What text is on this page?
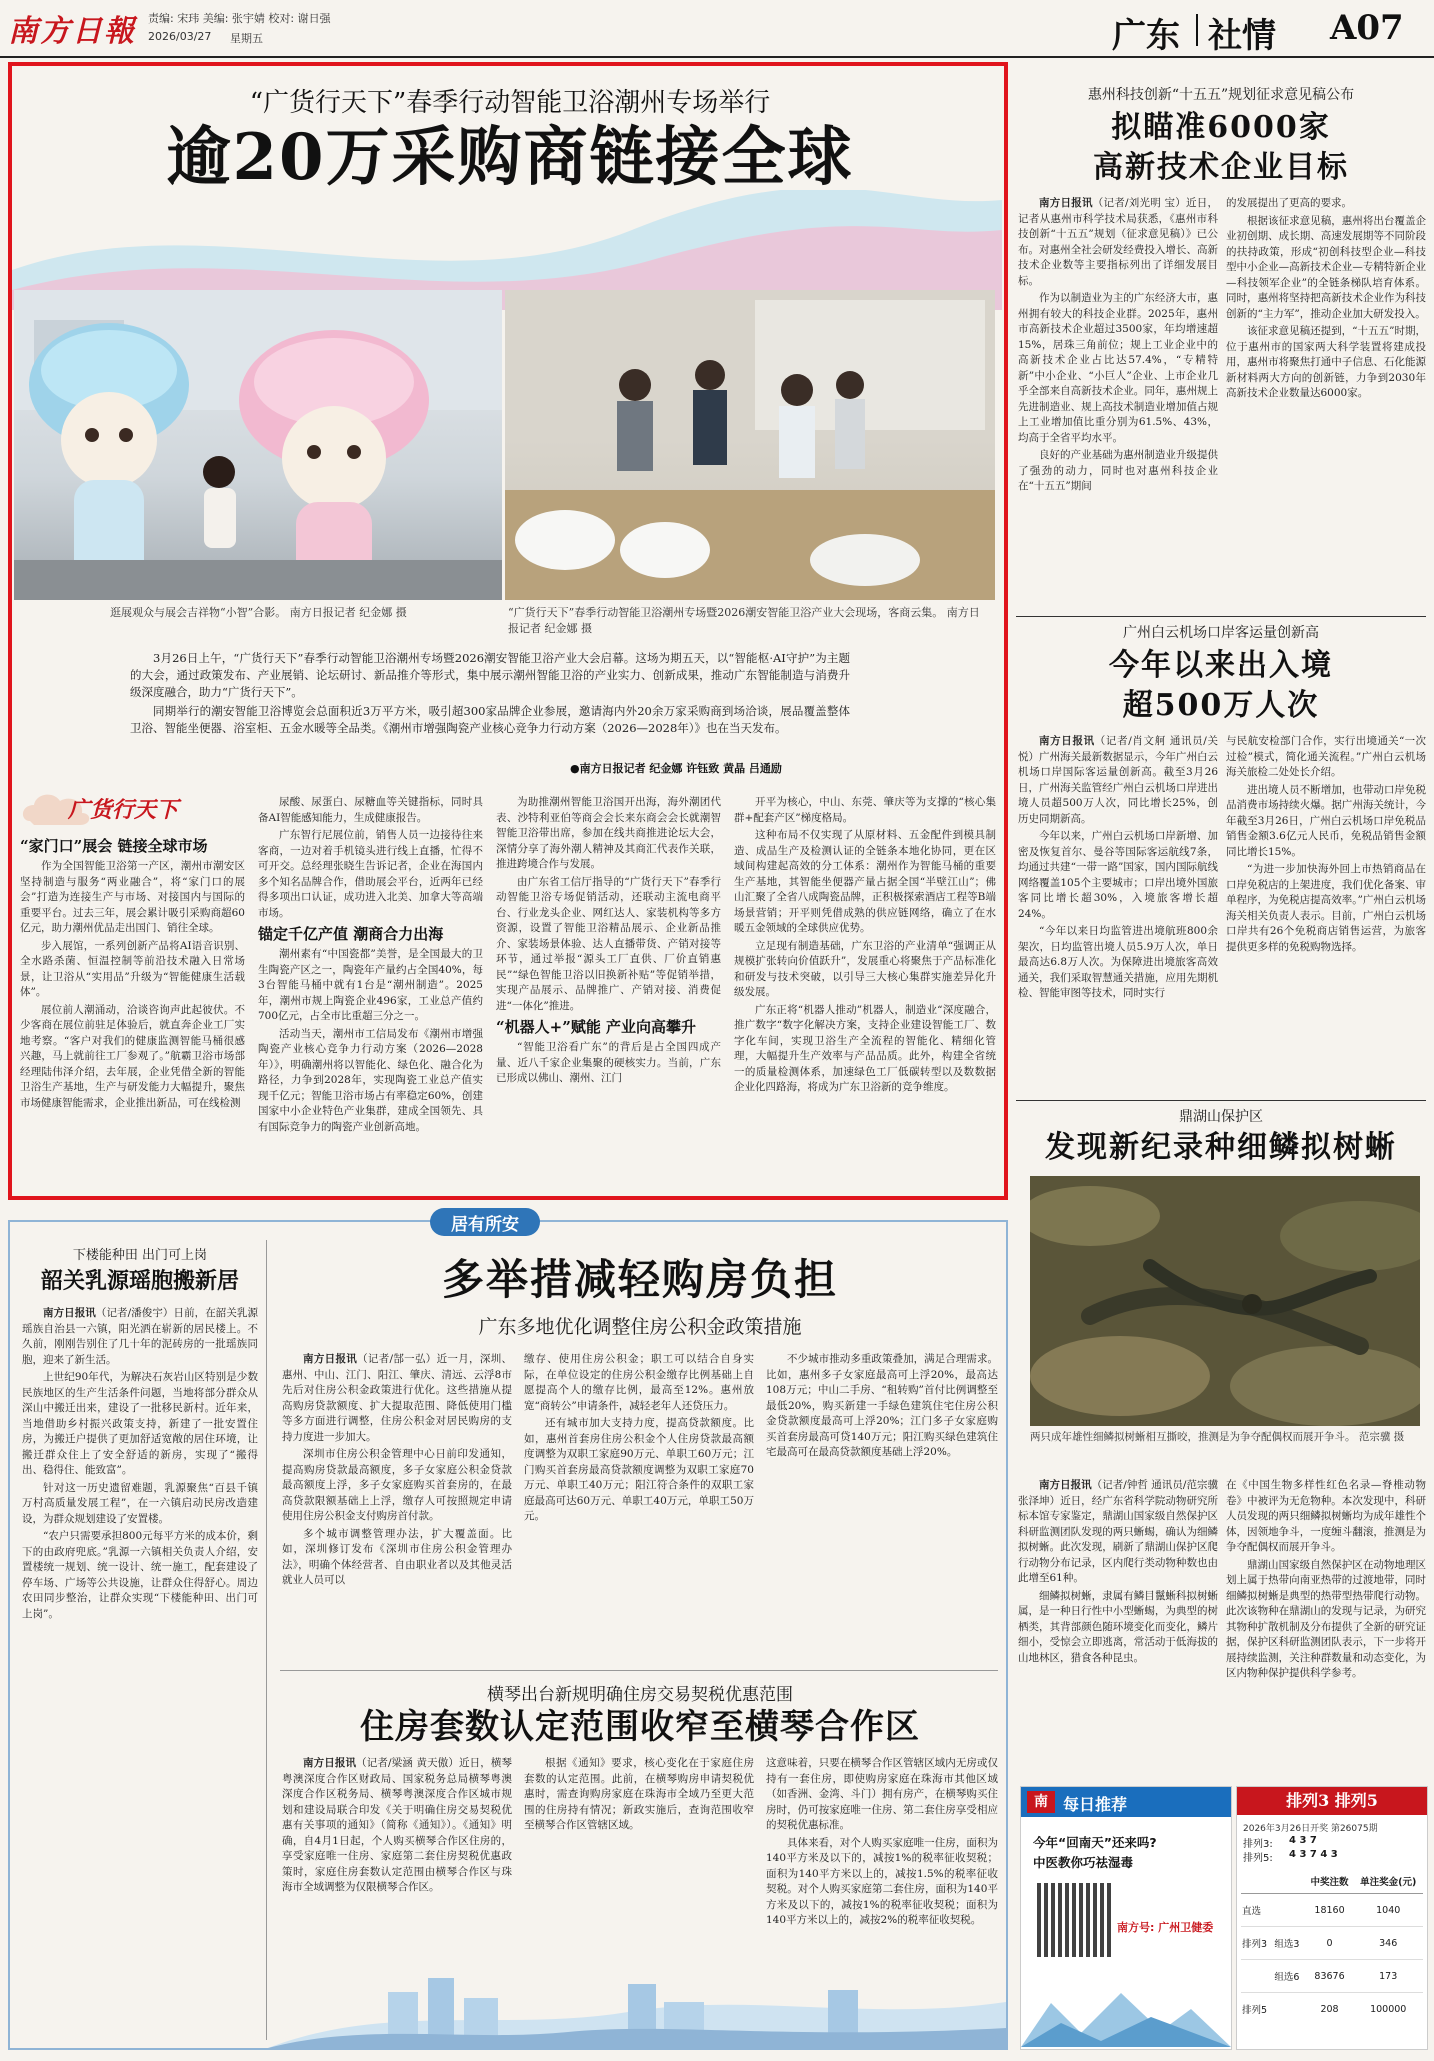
南方日報 责编: 宋玮 美编: 张宇婧 校对: 谢日强
2026/03/27 星期五	广东 社情 A07
“广货行天下”春季行动智能卫浴潮州专场举行
逾20万采购商链接全球
逛展观众与展会吉祥物“小智”合影。 南方日报记者 纪金娜 摄	“广货行天下”春季行动智能卫浴潮州专场暨2026潮安智能卫浴产业大会现场，客商云集。 南方日报记者 纪金娜 摄

3月26日上午，“广货行天下”春季行动智能卫浴潮州专场暨2026潮安智能卫浴产业大会启幕。这场为期五天，以“智能枢·AI守护”为主题的大会，通过政策发布、产业展销、论坛研讨、新品推介等形式，集中展示潮州智能卫浴的产业实力、创新成果，推动广东智能制造与消费升级深度融合，助力“广货行天下”。

同期举行的潮安智能卫浴博览会总面积近3万平方米，吸引超300家品牌企业参展，邀请海内外20余万家采购商到场洽谈，展品覆盖整体卫浴、智能坐便器、浴室柜、五金水暖等全品类。《潮州市增强陶瓷产业核心竞争力行动方案（2026—2028年）》也在当天发布。

●南方日报记者 纪金娜 许钰致 黄晶 吕通励
广货行天下

“家门口”展会 链接全球市场

作为全国智能卫浴第一产区，潮州市潮安区坚持制造与服务“两业融合”，将“家门口的展会”打造为连接生产与市场、对接国内与国际的重要平台。过去三年，展会累计吸引采购商超60亿元，助力潮州优品走出国门、销往全球。

步入展馆，一系列创新产品将AI语音识别、全水路杀菌、恒温控制等前沿技术融入日常场景，让卫浴从“实用品”升级为“智能健康生活载体”。

展位前人潮涌动，洽谈咨询声此起彼伏。不少客商在展位前驻足体验后，就直奔企业工厂实地考察。“客户对我们的健康监测智能马桶很感兴趣，马上就前往工厂参观了。”航霸卫浴市场部经理陆伟泽介绍，去年展，企业凭借全新的智能卫浴生产基地，生产与研发能力大幅提升，聚焦市场健康智能需求，企业推出新品，可在线检测

尿酸、尿蛋白、尿糖血等关键指标，同时具备AI智能感知能力，生成健康报告。

广东智行尼展位前，销售人员一边接待往来客商，一边对着手机镜头进行线上直播，忙得不可开交。总经理张晓生告诉记者，企业在海国内多个知名品牌合作，借助展会平台，近两年已经得多项出口认证，成功进入北美、加拿大等高端市场。

锚定千亿产值 潮商合力出海

潮州素有“中国瓷都”美誉，是全国最大的卫生陶瓷产区之一，陶瓷年产量约占全国40%，每3台智能马桶中就有1台是“潮州制造”。2025年，潮州市规上陶瓷企业496家，工业总产值约700亿元，占全市比重超三分之一。

活动当天，潮州市工信局发布《潮州市增强陶瓷产业核心竞争力行动方案（2026—2028年）》，明确潮州将以智能化、绿色化、融合化为路径，力争到2028年，实现陶瓷工业总产值实现千亿元；智能卫浴市场占有率稳定60%，创建国家中小企业特色产业集群，建成全国领先、具有国际竞争力的陶瓷产业创新高地。

为助推潮州智能卫浴国开出海，海外潮团代表、沙特利亚伯等商会会长来东商会会长就潮智智能卫浴带出席，参加在线共商推进论坛大会，深情分享了海外潮人精神及其商汇代表作关联，推进跨境合作与发展。

由广东省工信厅指导的“广货行天下”春季行动智能卫浴专场促销活动，还联动主流电商平台、行业龙头企业、网红达人、家装机构等多方资源，设置了智能卫浴精品展示、企业新品推介、家装场景体验、达人直播带货、产销对接等环节，通过举报“源头工厂直供、厂价直销惠民”“绿色智能卫浴以旧换新补贴”等促销举措，实现产品展示、品牌推广、产销对接、消费促进“一体化”推进。

“机器人+”赋能 产业向高攀升

“智能卫浴看广东”的背后是占全国四成产量、近八千家企业集聚的硬核实力。当前，广东已形成以佛山、潮州、江门

开平为核心，中山、东莞、肇庆等为支撑的“核心集群+配套产区”梯度格局。

这种布局不仅实现了从原材料、五金配件到模具制造、成品生产及检测认证的全链条本地化协同，更在区域间构建起高效的分工体系：潮州作为智能马桶的重要生产基地，其智能坐便器产量占据全国“半壁江山”；佛山汇聚了全省八成陶瓷品牌，正积极探索酒店工程等B端场景营销；开平则凭借成熟的供应链网络，确立了在水暖五金领域的全球供应优势。

立足现有制造基础，广东卫浴的产业清单“强调正从规模扩张转向价值跃升”，发展重心将聚焦于产品标准化和研发与技术突破，以引导三大核心集群实施差异化升级发展。

广东正将“机器人推动”机器人，制造业“深度融合，推广数字“数字化解决方案，支持企业建设智能工厂、数字化车间，实现卫浴生产全流程的智能化、精细化管理，大幅提升生产效率与产品品质。此外，构建全省统一的质量检测体系，加速绿色工厂低碳转型以及数数据企业化四路海，将成为广东卫浴新的竞争维度。

惠州科技创新“十五五”规划征求意见稿公布
拟瞄准6000家
高新技术企业目标

南方日报讯（记者/刘光明 宝）近日，记者从惠州市科学技术局获悉，《惠州市科技创新“十五五”规划（征求意见稿）》已公布。对惠州全社会研发经费投入增长、高新技术企业数等主要指标列出了详细发展目标。

作为以制造业为主的广东经济大市，惠州拥有较大的科技企业群。2025年，惠州市高新技术企业超过3500家，年均增速超15%，居珠三角前位；规上工业企业中的高新技术企业占比达57.4%，“专精特新”中小企业、“小巨人”企业、上市企业几乎全部来自高新技术企业。同年，惠州规上先进制造业、规上高技术制造业增加值占规上工业增加值比重分别为61.5%、43%，均高于全省平均水平。

良好的产业基础为惠州制造业升级提供了强劲的动力，同时也对惠州科技企业在“十五五”期间

的发展提出了更高的要求。

根据该征求意见稿，惠州将出台覆盖企业初创期、成长期、高速发展期等不同阶段的扶持政策，形成“初创科技型企业—科技型中小企业—高新技术企业—专精特新企业—科技领军企业”的全链条梯队培育体系。同时，惠州将坚持把高新技术企业作为科技创新的“主力军”，推动企业加大研发投入。

该征求意见稿还提到，“十五五”时期，位于惠州市的国家两大科学装置将建成投用，惠州市将聚焦打通中子信息、石化能源新材料两大方向的创新链，力争到2030年高新技术企业数量达6000家。

广州白云机场口岸客运量创新高
今年以来出入境
超500万人次

南方日报讯（记者/肖文舸 通讯员/关悦）广州海关最新数据显示，今年广州白云机场口岸国际客运量创新高。截至3月26日，广州海关监管经广州白云机场口岸进出境人员超500万人次，同比增长25%，创历史同期新高。

今年以来，广州白云机场口岸新增、加密及恢复首尔、曼谷等国际客运航线7条，均通过共建“一带一路”国家，国内国际航线网络覆盖105个主要城市；口岸出境外国旅客同比增长超30%，入境旅客增长超24%。

“今年以来日均监管进出境航班800余架次，日均监管出境人员5.9万人次，单日最高达6.8万人次。为保障进出境旅客高效通关，我们采取智慧通关措施，应用先期机检、智能审图等技术，同时实行

与民航安检部门合作，实行出境通关“一次过检”模式，简化通关流程。”广州白云机场海关旅检二处处长介绍。

进出境人员不断增加，也带动口岸免税品消费市场持续火爆。据广州海关统计，今年截至3月26日，广州白云机场口岸免税品销售金额3.6亿元人民币，免税品销售金额同比增长15%。

“为进一步加快海外回上市热销商品在口岸免税店的上架进度，我们优化备案、审单程序，为免税店提高效率。”广州白云机场海关相关负责人表示。目前，广州白云机场口岸共有26个免税商店销售运营，为旅客提供更多样的免税购物选择。

鼎湖山保护区
发现新纪录种细鳞拟树蜥
两只成年雄性细鳞拟树蜥相互撕咬，推测是为争夺配偶权而展开争斗。 范宗骥 摄

南方日报讯（记者/钟哲 通讯员/范宗骥 张泽坤）近日，经广东省科学院动物研究所标本馆专家鉴定，鼎湖山国家级自然保护区科研监测团队发现的两只蜥蜴，确认为细鳞拟树蜥。此次发现，刷新了鼎湖山保护区爬行动物分布记录，区内爬行类动物种数也由此增至61种。

细鳞拟树蜥，隶属有鳞目鬣蜥科拟树蜥属，是一种日行性中小型蜥蜴，为典型的树栖类，其背部颜色随环境变化而变化，鳞片细小，受惊会立即逃离，常活动于低海拔的山地林区，猎食各种昆虫。

在《中国生物多样性红色名录—脊椎动物卷》中被评为无危物种。本次发现中，科研人员发现的两只细鳞拟树蜥均为成年雄性个体，因领地争斗，一度缠斗翻滚，推测是为争夺配偶权而展开争斗。

鼎湖山国家级自然保护区在动物地理区划上属于热带向南亚热带的过渡地带，同时细鳞拟树蜥是典型的热带型热带爬行动物。此次该物种在鼎湖山的发现与记录，为研究其物种扩散机制及分布提供了全新的研究证据，保护区科研监测团队表示，下一步将开展持续监测，关注种群数量和动态变化，为区内物种保护提供科学参考。

南 每日推荐
今年“回南天”还来吗?
中医教你巧祛湿毒
南方号: 广州卫健委
排列3 排列5
2026年3月26日开奖 第26075期
排列3: 4 3 7
排列5: 4 3 7 4 3
		中奖注数	单注奖金(元)
直选		18160	1040
排列3	组选3	0	346
	组选6	83676	173
排列5		208	100000
居有所安
下楼能种田 出门可上岗
韶关乳源瑶胞搬新居

南方日报讯（记者/潘俊宇）日前，在韶关乳源瑶族自治县一六镇，阳光洒在崭新的居民楼上。不久前，刚刚告别住了几十年的泥砖房的一批瑶族同胞，迎来了新生活。

上世纪90年代，为解决石灰岩山区特别是少数民族地区的生产生活条件问题，当地将部分群众从深山中搬迁出来，建设了一批移民新村。近年来，当地借助乡村振兴政策支持，新建了一批安置住房，为搬迁户提供了更加舒适宽敞的居住环境，让搬迁群众住上了安全舒适的新房，实现了“搬得出、稳得住、能致富”。

针对这一历史遗留难题，乳源聚焦“百县千镇万村高质量发展工程”，在一六镇启动民房改造建设，为群众规划建设了安置楼。

“农户只需要承担800元每平方米的成本价，剩下的由政府兜底。”乳源一六镇相关负责人介绍，安置楼统一规划、统一设计、统一施工，配套建设了停车场、广场等公共设施，让群众住得舒心。周边农田同步整治，让群众实现“下楼能种田、出门可上岗”。

多举措减轻购房负担
广东多地优化调整住房公积金政策措施

南方日报讯（记者/郜一弘）近一月，深圳、惠州、中山、江门、阳江、肇庆、清远、云浮8市先后对住房公积金政策进行优化。这些措施从提高购房贷款额度、扩大提取范围、降低使用门槛等多方面进行调整，住房公积金对居民购房的支持力度进一步加大。

深圳市住房公积金管理中心日前印发通知，提高购房贷款最高额度，多子女家庭公积金贷款最高额度上浮，多子女家庭购买首套房的，在最高贷款限额基础上上浮，缴存人可按照规定申请使用住房公积金支付购房首付款。

多个城市调整管理办法，扩大覆盖面。比如，深圳修订发布《深圳市住房公积金管理办法》，明确个体经营者、自由职业者以及其他灵活就业人员可以

缴存、使用住房公积金；职工可以结合自身实际，在单位设定的住房公积金缴存比例基础上自愿提高个人的缴存比例，最高至12%。惠州放宽“商转公”申请条件，减轻老年人还贷压力。

还有城市加大支持力度，提高贷款额度。比如，惠州首套房住房公积金个人住房贷款最高额度调整为双职工家庭90万元、单职工60万元；江门购买首套房最高贷款额度调整为双职工家庭70万元、单职工40万元；阳江符合条件的双职工家庭最高可达60万元、单职工40万元，单职工50万元。

不少城市推动多重政策叠加，满足合理需求。比如，惠州多子女家庭最高可上浮20%，最高达108万元；中山二手房、“租转购”首付比例调整至最低20%，购买新建一手绿色建筑住宅住房公积金贷款额度最高可上浮20%；江门多子女家庭购买首套房最高可贷140万元；阳江购买绿色建筑住宅最高可在最高贷款额度基础上浮20%。

横琴出台新规明确住房交易契税优惠范围
住房套数认定范围收窄至横琴合作区

南方日报讯（记者/梁涵 黄天傲）近日，横琴粤澳深度合作区财政局、国家税务总局横琴粤澳深度合作区税务局、横琴粤澳深度合作区城市规划和建设局联合印发《关于明确住房交易契税优惠有关事项的通知》（简称《通知》）。《通知》明确，自4月1日起，个人购买横琴合作区住房的，享受家庭唯一住房、家庭第二套住房契税优惠政策时，家庭住房套数认定范围由横琴合作区与珠海市全域调整为仅限横琴合作区。

根据《通知》要求，核心变化在于家庭住房套数的认定范围。此前，在横琴购房申请契税优惠时，需查询购房家庭在珠海市全域乃至更大范围的住房持有情况；新政实施后，查询范围收窄至横琴合作区管辖区域。

这意味着，只要在横琴合作区管辖区域内无房或仅持有一套住房，即使购房家庭在珠海市其他区域（如香洲、金湾、斗门）拥有房产，在横琴购买住房时，仍可按家庭唯一住房、第二套住房享受相应的契税优惠标准。

具体来看，对个人购买家庭唯一住房，面积为140平方米及以下的，减按1%的税率征收契税；面积为140平方米以上的，减按1.5%的税率征收契税。对个人购买家庭第二套住房，面积为140平方米及以下的，减按1%的税率征收契税；面积为140平方米以上的，减按2%的税率征收契税。
